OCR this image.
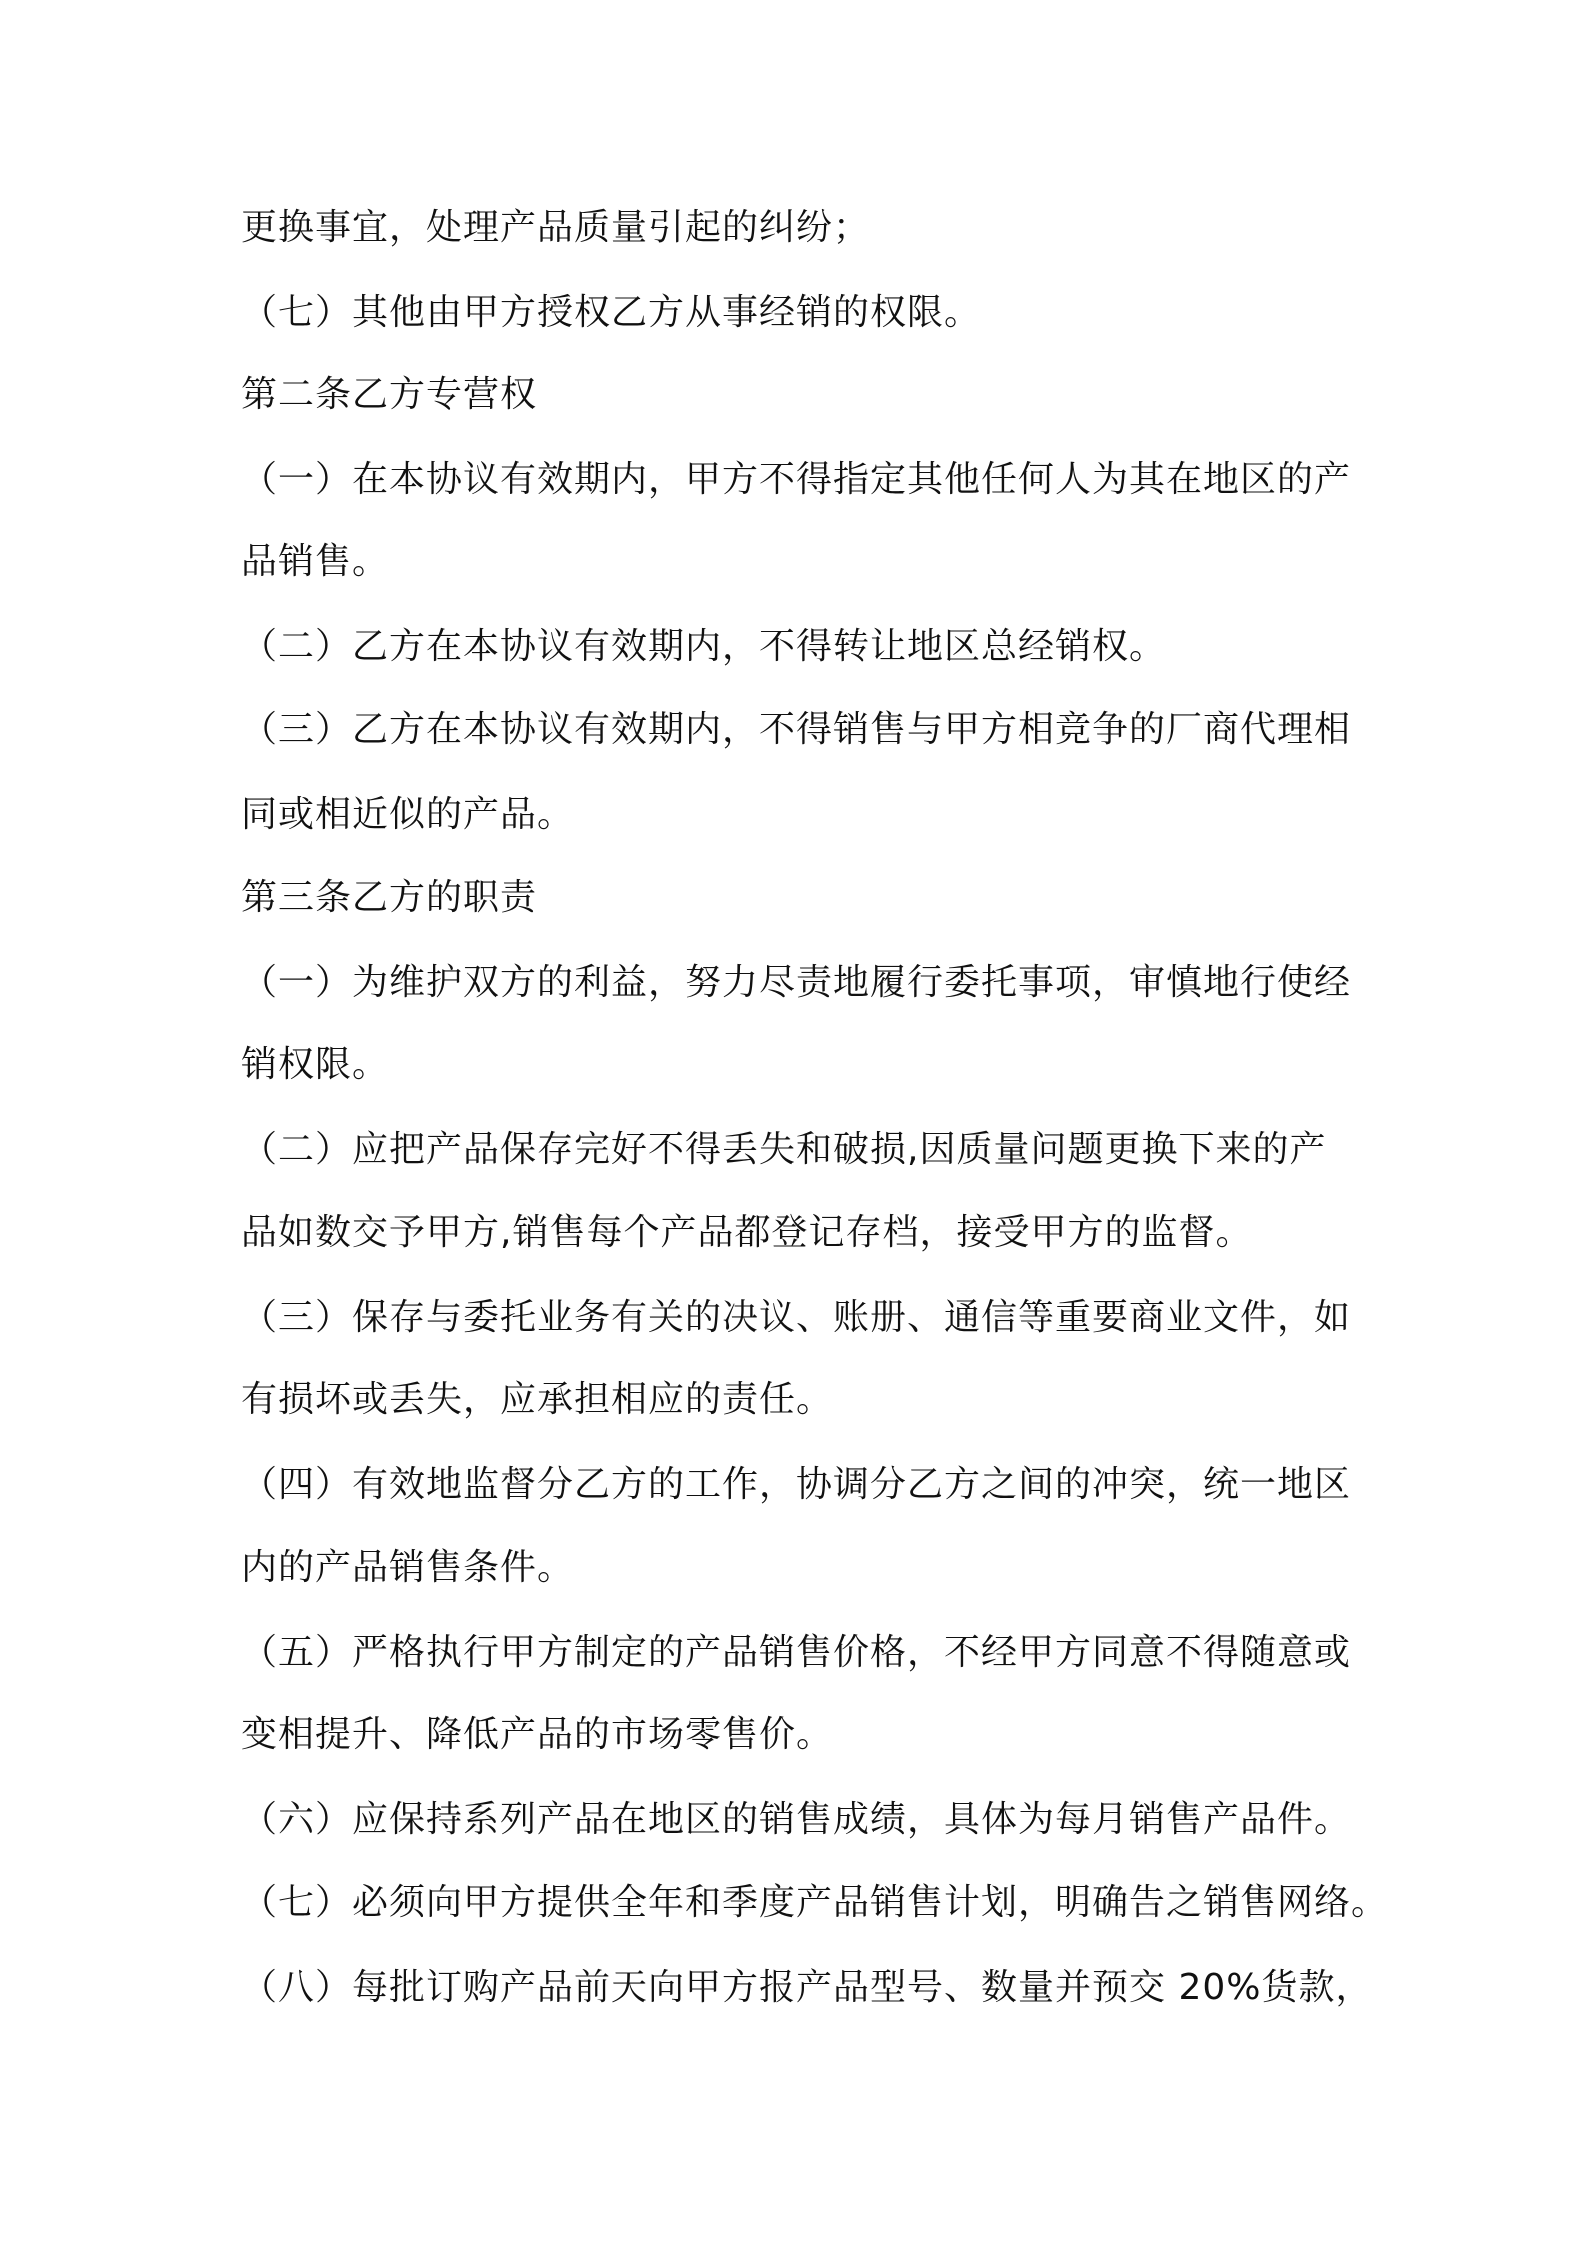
更换事宜，处理产品质量引起的纠纷；

（七）其他由甲方授权乙方从事经销的权限。

第二条乙方专营权

（一）在本协议有效期内，甲方不得指定其他任何人为其在地区的产

品销售。

（二）乙方在本协议有效期内，不得转让地区总经销权。

（三）乙方在本协议有效期内，不得销售与甲方相竞争的厂商代理相

同或相近似的产品。

第三条乙方的职责

（一）为维护双方的利益，努力尽责地履行委托事项，审慎地行使经

销权限。

（二）应把产品保存完好不得丢失和破损,因质量问题更换下来的产

品如数交予甲方,销售每个产品都登记存档，接受甲方的监督。

（三）保存与委托业务有关的决议、账册、通信等重要商业文件，如

有损坏或丢失，应承担相应的责任。

（四）有效地监督分乙方的工作，协调分乙方之间的冲突，统一地区

内的产品销售条件。

（五）严格执行甲方制定的产品销售价格，不经甲方同意不得随意或

变相提升、降低产品的市场零售价。

（六）应保持系列产品在地区的销售成绩，具体为每月销售产品件。

（七）必须向甲方提供全年和季度产品销售计划，明确告之销售网络。

（八）每批订购产品前天向甲方报产品型号、数量并预交 20%货款，
